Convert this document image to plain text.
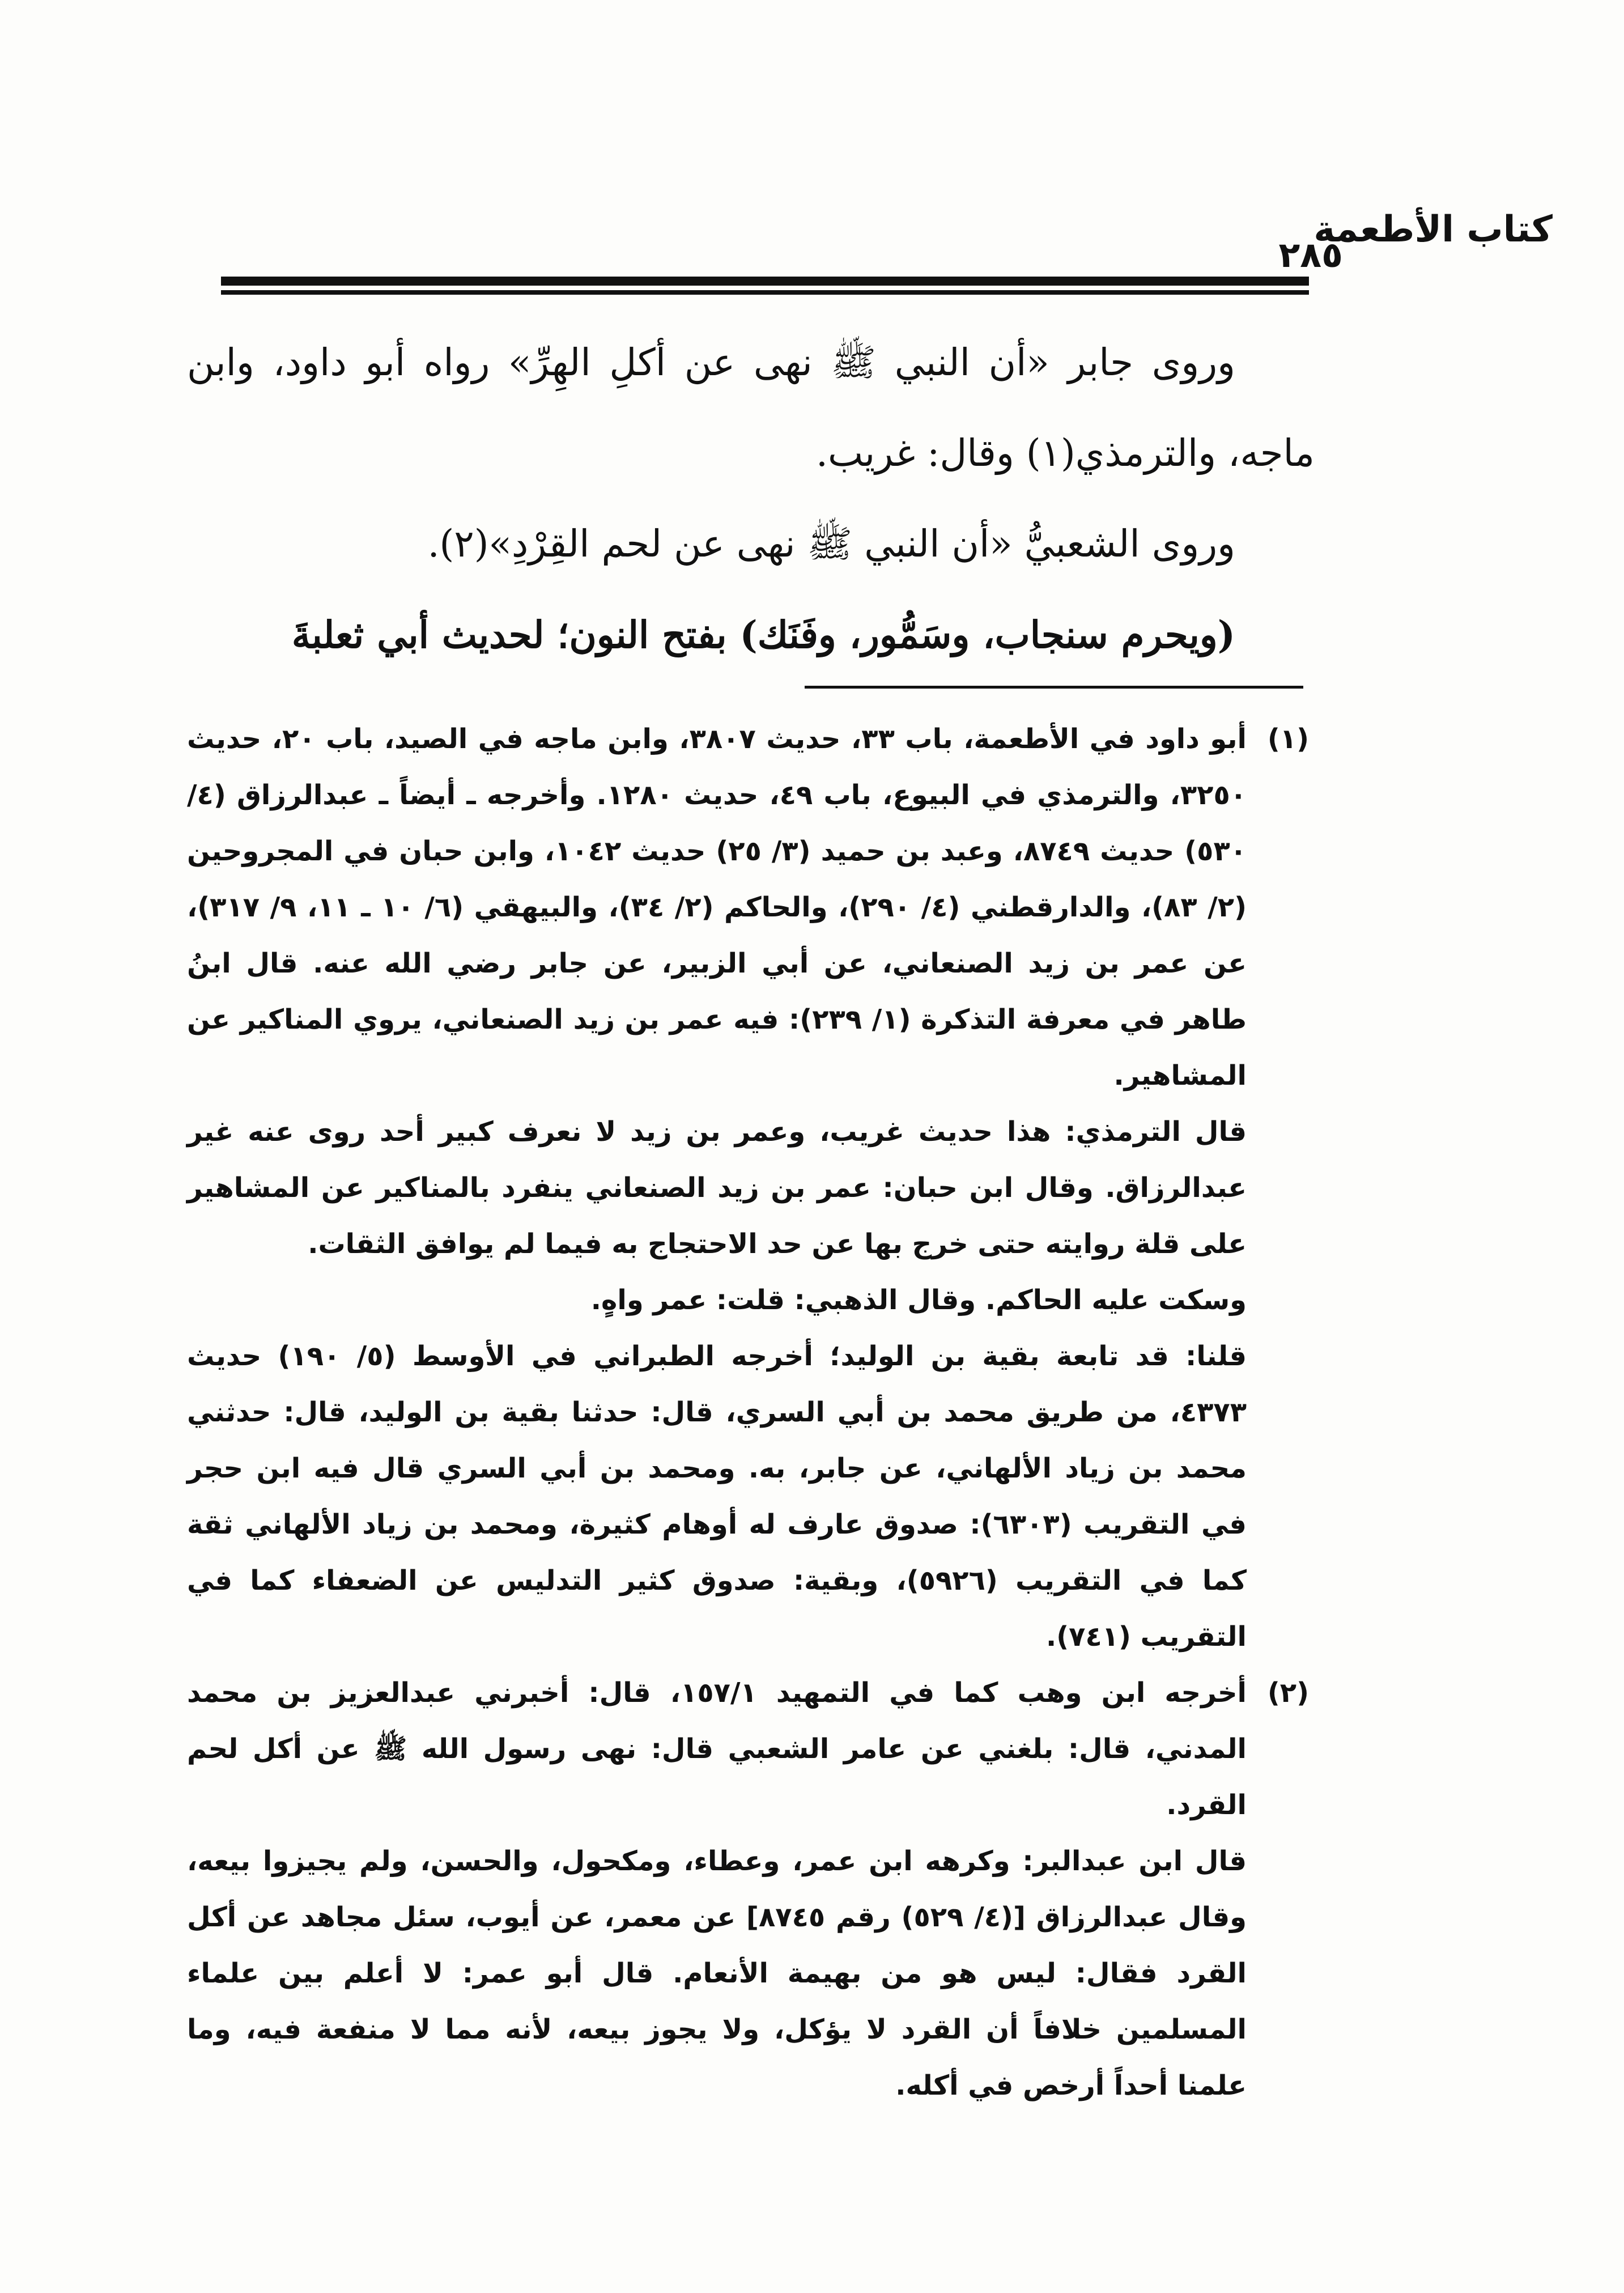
كتاب الأطعمة
٢٨٥

وروى جابر «أن النبي ﷺ نهى عن أكلِ الهِرِّ» رواه أبو داود، وابن ماجه، والترمذي(١) وقال: غريب.

وروى الشعبيُّ «أن النبي ﷺ نهى عن لحم القِرْدِ»(٢).

(ويحرم سنجاب، وسَمُّور، وفَنَك) بفتح النون؛ لحديث أبي ثعلبةَ

(١)
أبو داود في الأطعمة، باب ٣٣، حديث ٣٨٠٧، وابن ماجه في الصيد، باب ٢٠، حديث ٣٢٥٠، والترمذي في البيوع، باب ٤٩، حديث ١٢٨٠. وأخرجه ـ أيضاً ـ عبدالرزاق (٤/ ٥٣٠) حديث ٨٧٤٩، وعبد بن حميد (٣/ ٢٥) حديث ١٠٤٢، وابن حبان في المجروحين (٢/ ٨٣)، والدارقطني (٤/ ٢٩٠)، والحاكم (٢/ ٣٤)، والبيهقي (٦/ ١٠ ـ ١١، ٩/ ٣١٧)، عن عمر بن زيد الصنعاني، عن أبي الزبير، عن جابر رضي الله عنه. قال ابنُ طاهر في معرفة التذكرة (١/ ٢٣٩): فيه عمر بن زيد الصنعاني، يروي المناكير عن المشاهير.

قال الترمذي: هذا حديث غريب، وعمر بن زيد لا نعرف كبير أحد روى عنه غير عبدالرزاق. وقال ابن حبان: عمر بن زيد الصنعاني ينفرد بالمناكير عن المشاهير على قلة روايته حتى خرج بها عن حد الاحتجاج به فيما لم يوافق الثقات.

وسكت عليه الحاكم. وقال الذهبي: قلت: عمر واهٍ.

قلنا: قد تابعة بقية بن الوليد؛ أخرجه الطبراني في الأوسط (٥/ ١٩٠) حديث ٤٣٧٣، من طريق محمد بن أبي السري، قال: حدثنا بقية بن الوليد، قال: حدثني محمد بن زياد الألهاني، عن جابر، به. ومحمد بن أبي السري قال فيه ابن حجر في التقريب (٦٣٠٣): صدوق عارف له أوهام كثيرة، ومحمد بن زياد الألهاني ثقة كما في التقريب (٥٩٢٦)، وبقية: صدوق كثير التدليس عن الضعفاء كما في التقريب (٧٤١).

(٢)
أخرجه ابن وهب كما في التمهيد ١٥٧/١، قال: أخبرني عبدالعزيز بن محمد المدني، قال: بلغني عن عامر الشعبي قال: نهى رسول الله ﷺ عن أكل لحم القرد.

قال ابن عبدالبر: وكرهه ابن عمر، وعطاء، ومكحول، والحسن، ولم يجيزوا بيعه، وقال عبدالرزاق [(٤/ ٥٢٩) رقم ٨٧٤٥] عن معمر، عن أيوب، سئل مجاهد عن أكل القرد فقال: ليس هو من بهيمة الأنعام. قال أبو عمر: لا أعلم بين علماء المسلمين خلافاً أن القرد لا يؤكل، ولا يجوز بيعه، لأنه مما لا منفعة فيه، وما علمنا أحداً أرخص في أكله.
